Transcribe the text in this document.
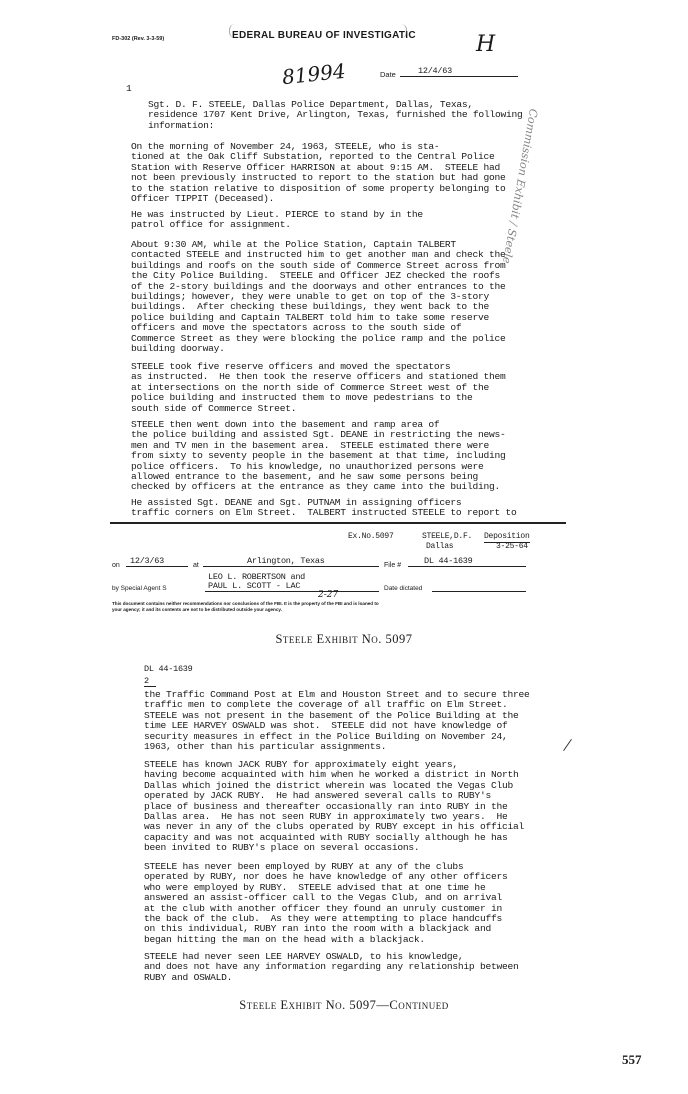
FD-302 (Rev. 3-3-59)	EDERAL BUREAU OF INVESTIGATIC	H
81994	Date	12/4/63
1
Sgt. D. F. STEELE, Dallas Police Department, Dallas, Texas,
residence 1707 Kent Drive, Arlington, Texas, furnished the following
information:
On the morning of November 24, 1963, STEELE, who is sta-
tioned at the Oak Cliff Substation, reported to the Central Police
Station with Reserve Officer HARRISON at about 9:15 AM.  STEELE had
not been previously instructed to report to the station but had gone
to the station relative to disposition of some property belonging to
Officer TIPPIT (Deceased).
He was instructed by Lieut. PIERCE to stand by in the
patrol office for assignment.
About 9:30 AM, while at the Police Station, Captain TALBERT
contacted STEELE and instructed him to get another man and check the
buildings and roofs on the south side of Commerce Street across from
the City Police Building.  STEELE and Officer JEZ checked the roofs
of the 2-story buildings and the doorways and other entrances to the
buildings; however, they were unable to get on top of the 3-story
buildings.  After checking these buildings, they went back to the
police building and Captain TALBERT told him to take some reserve
officers and move the spectators across to the south side of
Commerce Street as they were blocking the police ramp and the police
building doorway.
STEELE took five reserve officers and moved the spectators
as instructed.  He then took the reserve officers and stationed them
at intersections on the north side of Commerce Street west of the
police building and instructed them to move pedestrians to the
south side of Commerce Street.
STEELE then went down into the basement and ramp area of
the police building and assisted Sgt. DEANE in restricting the news-
men and TV men in the basement area.  STEELE estimated there were
from sixty to seventy people in the basement at that time, including
police officers.  To his knowledge, no unauthorized persons were
allowed entrance to the basement, and he saw some persons being
checked by officers at the entrance as they came into the building.
He assisted Sgt. DEANE and Sgt. PUTNAM in assigning officers
traffic corners on Elm Street.  TALBERT instructed STEELE to report to
Commission Exhibit / Steele
Ex.No.5097	STEELE,D.F.
Dallas
Deposition
3-25-64
on	12/3/63	at	Arlington, Texas	File #	DL 44-1639
LEO L. ROBERTSON and
by Special Agent S	PAUL L. SCOTT - LAC	Date dictated
2-27
This document contains neither recommendations nor conclusions of the FBI. It is the property of the FBI and is loaned to
your agency; it and its contents are not to be distributed outside your agency.
Steele Exhibit No. 5097
DL 44-1639
2
the Traffic Command Post at Elm and Houston Street and to secure three
traffic men to complete the coverage of all traffic on Elm Street.
STEELE was not present in the basement of the Police Building at the
time LEE HARVEY OSWALD was shot.  STEELE did not have knowledge of
security measures in effect in the Police Building on November 24,
1963, other than his particular assignments.
STEELE has known JACK RUBY for approximately eight years,
having become acquainted with him when he worked a district in North
Dallas which joined the district wherein was located the Vegas Club
operated by JACK RUBY.  He had answered several calls to RUBY's
place of business and thereafter occasionally ran into RUBY in the
Dallas area.  He has not seen RUBY in approximately two years.  He
was never in any of the clubs operated by RUBY except in his official
capacity and was not acquainted with RUBY socially although he has
been invited to RUBY's place on several occasions.
STEELE has never been employed by RUBY at any of the clubs
operated by RUBY, nor does he have knowledge of any other officers
who were employed by RUBY.  STEELE advised that at one time he
answered an assist-officer call to the Vegas Club, and on arrival
at the club with another officer they found an unruly customer in
the back of the club.  As they were attempting to place handcuffs
on this individual, RUBY ran into the room with a blackjack and
began hitting the man on the head with a blackjack.
STEELE had never seen LEE HARVEY OSWALD, to his knowledge,
and does not have any information regarding any relationship between
RUBY and OSWALD.
Steele Exhibit No. 5097—Continued
557
